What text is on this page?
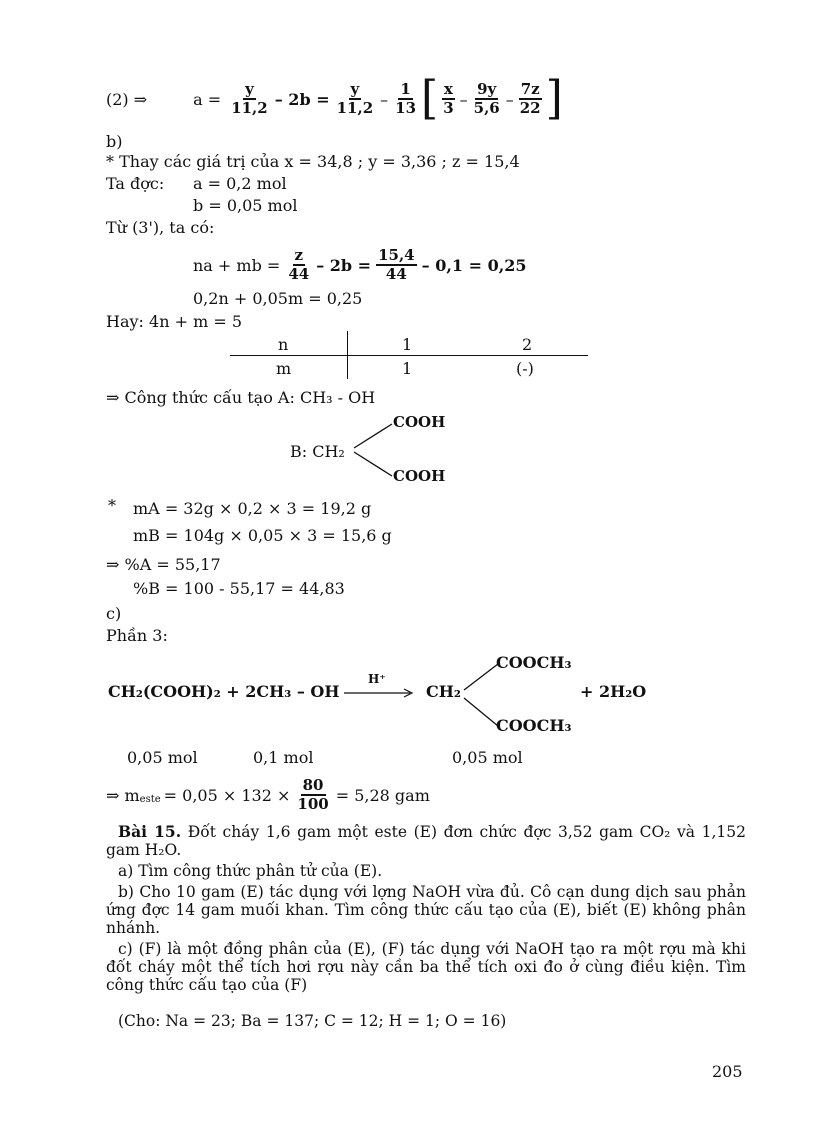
(2) ⇒	$a = \frac{y}{11,2} - 2b = \frac{y}{11,2} - \frac{1}{13}$ [ $\frac{x}{3} - \frac{9y}{5,6} - \frac{7z}{22}$ ]
b)
* Thay các giá trị của x = 34,8 ; y = 3,36 ; z = 15,4
Ta đợc: a = 0,2 mol
b = 0,05 mol
Từ (3'), ta có:
na + mb = $\frac{z}{44} - 2b = \frac{15,4}{44} - 0,1 = 0,25$
0,2n + 0,05m = 0,25
Hay: 4n + m = 5
n	1	2
m	1	(-)
⇒ Công thức cấu tạo A: CH₃ - OH
COOH
B: CH₂
COOH
* mA = 32g × 0,2 × 3 = 19,2 g
mB = 104g × 0,05 × 3 = 15,6 g
⇒ %A = 55,17
%B = 100 - 55,17 = 44,83
c)
Phần 3:
CH₂(COOH)₂ + 2CH₃ – OH
H⁺
CH₂
COOCH₃
COOCH₃
+ 2H₂O
0,05 mol	0,1 mol	0,05 mol
⇒ m este = $0,05 \times 132 \times \frac{80}{100} = 5,28$ gam
Bài 15. Đốt cháy 1,6 gam một este (E) đơn chức đợc 3,52 gam CO₂ và 1,152 gam H₂O.
a) Tìm công thức phân tử của (E).
b) Cho 10 gam (E) tác dụng với lợng NaOH vừa đủ. Cô cạn dung dịch sau phản ứng đợc 14 gam muối khan. Tìm công thức cấu tạo của (E), biết (E) không phân nhánh.
c) (F) là một đồng phân của (E), (F) tác dụng với NaOH tạo ra một rợu mà khi đốt cháy một thể tích hơi rợu này cần ba thể tích oxi đo ở cùng điều kiện. Tìm công thức cấu tạo của (F)
(Cho: Na = 23; Ba = 137; C = 12; H = 1; O = 16)
205
